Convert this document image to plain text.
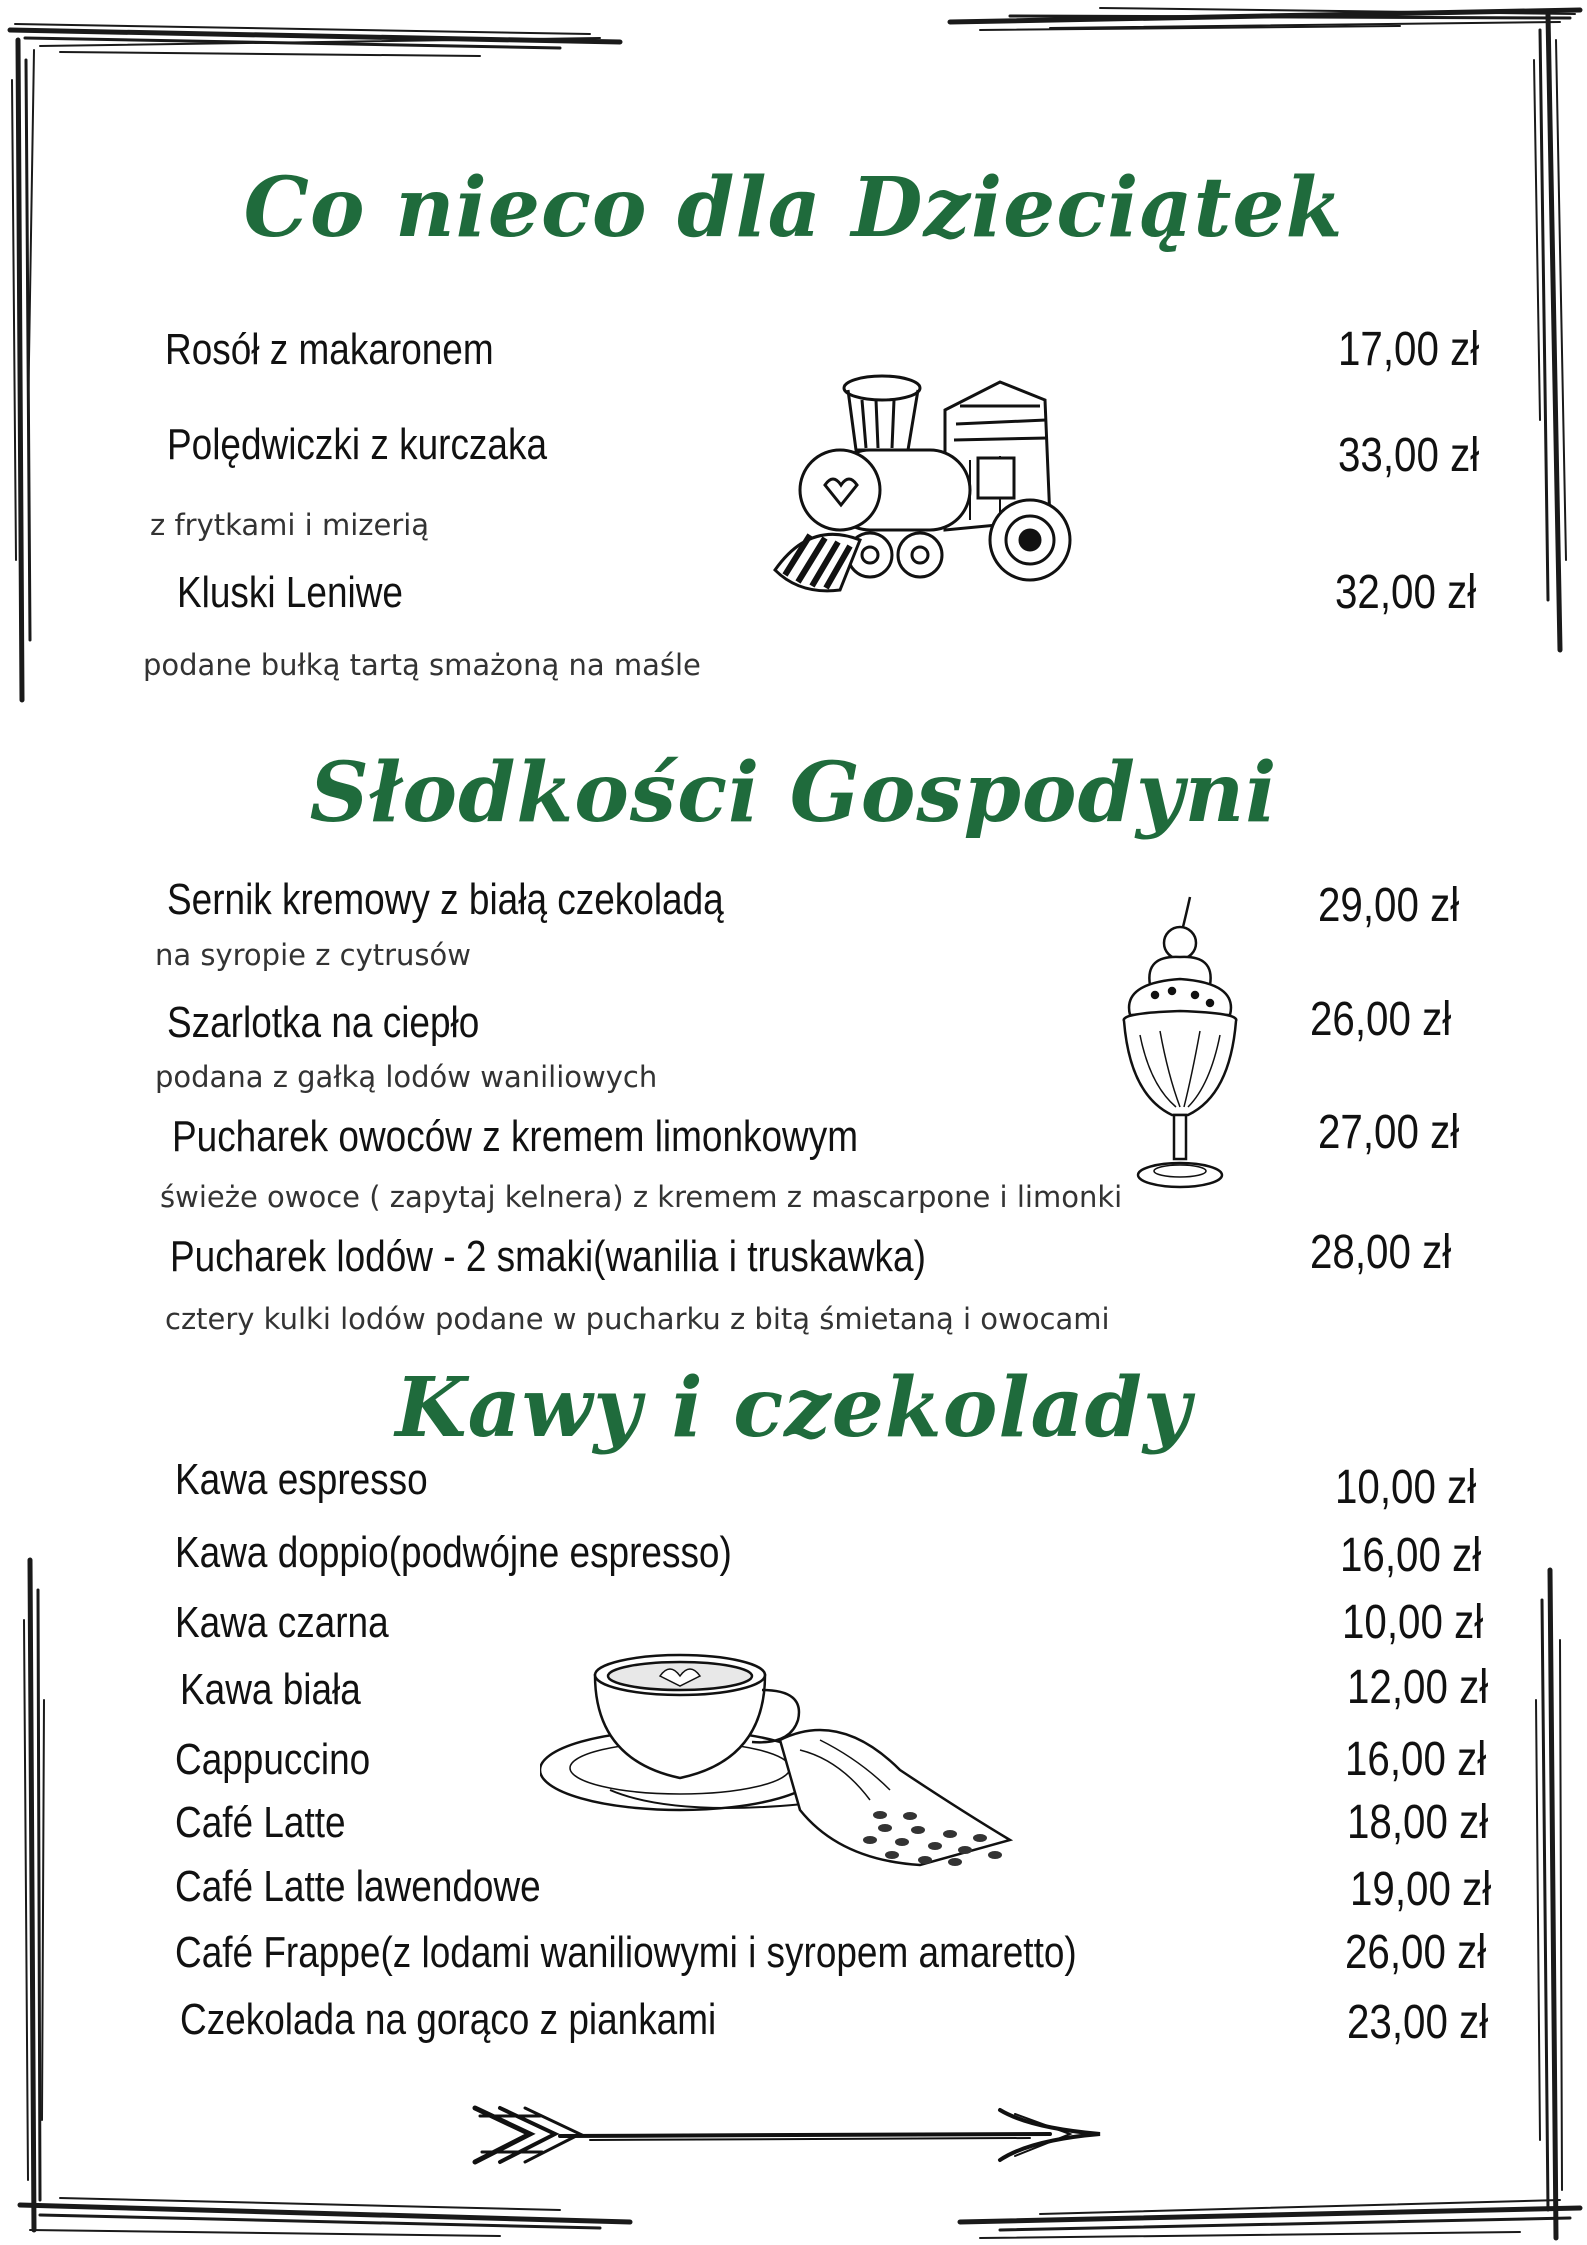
Co nieco dla Dzieciątek
Rosół z makaronem	17,00 zł
Polędwiczki z kurczaka	33,00 zł
z frytkami i mizerią
Kluski Leniwe	32,00 zł
podane bułką tartą smażoną na maśle
Słodkości Gospodyni
Sernik kremowy z białą czekoladą	29,00 zł
na syropie z cytrusów
Szarlotka na ciepło	26,00 zł
podana z gałką lodów waniliowych
Pucharek owoców z kremem limonkowym	27,00 zł
świeże owoce ( zapytaj kelnera) z kremem z mascarpone i limonki
Pucharek lodów - 2 smaki(wanilia i truskawka)	28,00 zł
cztery kulki lodów podane w pucharku z bitą śmietaną i owocami
Kawy i czekolady
Kawa espresso	10,00 zł
Kawa doppio(podwójne espresso)	16,00 zł
Kawa czarna	10,00 zł
Kawa biała	12,00 zł
Cappuccino	16,00 zł
Café Latte	18,00 zł
Café Latte lawendowe	19,00 zł
Café Frappe(z lodami waniliowymi i syropem amaretto)	26,00 zł
Czekolada na gorąco z piankami	23,00 zł
